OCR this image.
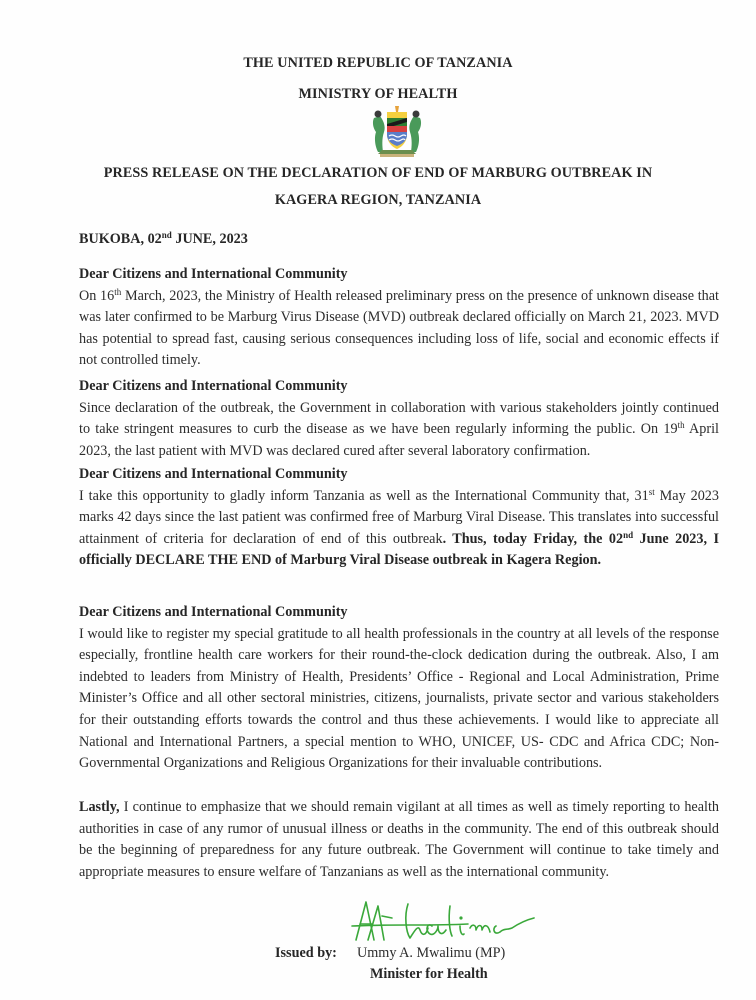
THE UNITED REPUBLIC OF TANZANIA
MINISTRY OF HEALTH
PRESS RELEASE ON THE DECLARATION OF END OF MARBURG OUTBREAK IN
KAGERA REGION, TANZANIA
BUKOBA, 02nd JUNE, 2023
Dear Citizens and International Community

On 16th March, 2023, the Ministry of Health released preliminary press on the presence of unknown disease that was later confirmed to be Marburg Virus Disease (MVD) outbreak declared officially on March 21, 2023. MVD has potential to spread fast, causing serious consequences including loss of life, social and economic effects if not controlled timely.

Dear Citizens and International Community

Since declaration of the outbreak, the Government in collaboration with various stakeholders jointly continued to take stringent measures to curb the disease as we have been regularly informing the public. On 19th April 2023, the last patient with MVD was declared cured after several laboratory confirmation.

Dear Citizens and International Community

I take this opportunity to gladly inform Tanzania as well as the International Community that, 31st May 2023 marks 42 days since the last patient was confirmed free of Marburg Viral Disease. This translates into successful attainment of criteria for declaration of end of this outbreak. Thus, today Friday, the 02nd June 2023, I officially DECLARE THE END of Marburg Viral Disease outbreak in Kagera Region.

Dear Citizens and International Community

I would like to register my special gratitude to all health professionals in the country at all levels of the response especially, frontline health care workers for their round-the-clock dedication during the outbreak. Also, I am indebted to leaders from Ministry of Health, Presidents’ Office - Regional and Local Administration, Prime Minister’s Office and all other sectoral ministries, citizens, journalists, private sector and various stakeholders for their outstanding efforts towards the control and thus these achievements. I would like to appreciate all National and International Partners, a special mention to WHO, UNICEF, US- CDC and Africa CDC; Non-Governmental Organizations and Religious Organizations for their invaluable contributions.

Lastly, I continue to emphasize that we should remain vigilant at all times as well as timely reporting to health authorities in case of any rumor of unusual illness or deaths in the community. The end of this outbreak should be the beginning of preparedness for any future outbreak. The Government will continue to take timely and appropriate measures to ensure welfare of Tanzanians as well as the international community.

Issued by: Ummy A. Mwalimu (MP)
Minister for Health
